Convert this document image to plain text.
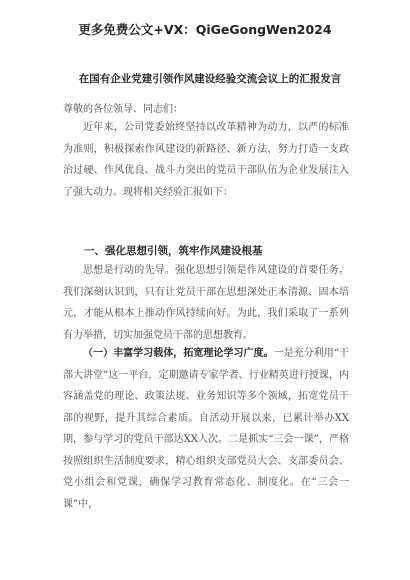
更多免费公文+VX：QiGeGongWen2024
在国有企业党建引领作风建设经验交流会议上的汇报发言
尊敬的各位领导、同志们：

近年来，公司党委始终坚持以改革精神为动力，以严的标准为准则，积极探索作风建设的新路径、新方法，努力打造一支政治过硬、作风优良、战斗力突出的党员干部队伍为企业发展注入了强大动力。现将相关经验汇报如下：

一、强化思想引领，筑牢作风建设根基

思想是行动的先导。强化思想引领是作风建设的首要任务。我们深刻认识到，只有让党员干部在思想深处正本清源、固本培元，才能从根本上推动作风持续向好。为此，我们采取了一系列有力举措，切实加强党员干部的思想教育。

（一）丰富学习载体，拓宽理论学习广度。一是充分利用“干部大讲堂”这一平台，定期邀请专家学者、行业精英进行授课，内容涵盖党的理论、政策法规、业务知识等多个领域，拓宽党员干部的视野，提升其综合素质。自活动开展以来，已累计举办XX期，参与学习的党员干部达XX人次。二是抓实“三会一课”，严格按照组织生活制度要求，精心组织支部党员大会、支部委员会、党小组会和党课，确保学习教育常态化、制度化。在“三会一课”中，
